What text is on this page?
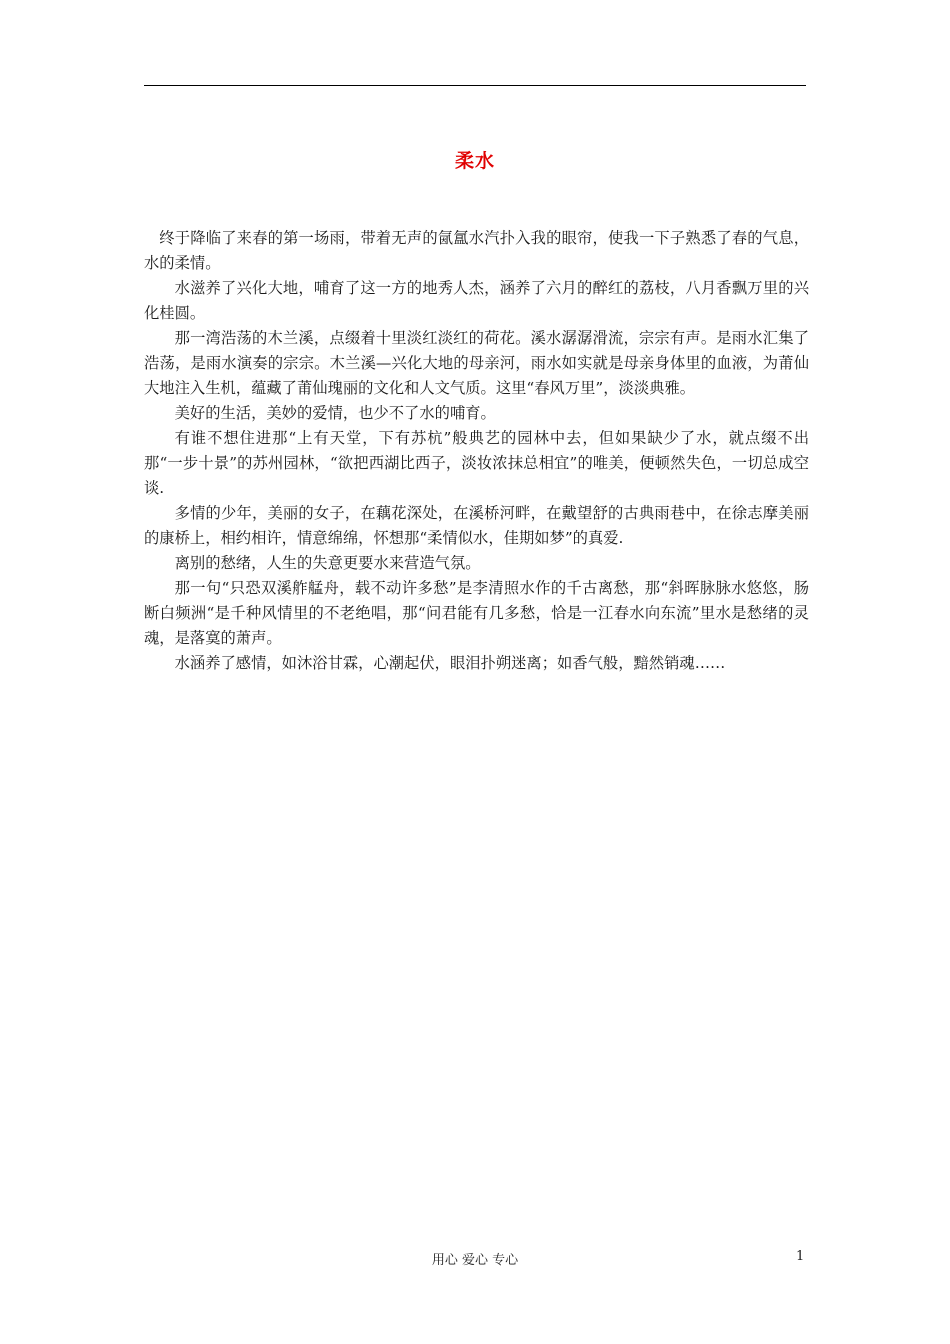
柔水

终于降临了来春的第一场雨，带着无声的氤氲水汽扑入我的眼帘，使我一下子熟悉了春的气息，水的柔情。

水滋养了兴化大地，哺育了这一方的地秀人杰，涵养了六月的醉红的荔枝，八月香飘万里的兴化桂圆。

那一湾浩荡的木兰溪，点缀着十里淡红淡红的荷花。溪水潺潺滑流，宗宗有声。是雨水汇集了浩荡，是雨水演奏的宗宗。木兰溪—兴化大地的母亲河，雨水如实就是母亲身体里的血液，为莆仙大地注入生机，蕴藏了莆仙瑰丽的文化和人文气质。这里“春风万里”，淡淡典雅。

美好的生活，美妙的爱情，也少不了水的哺育。

有谁不想住进那“上有天堂，下有苏杭”般典艺的园林中去，但如果缺少了水，就点缀不出那“一步十景”的苏州园林，“欲把西湖比西子，淡妆浓抹总相宜”的唯美，便顿然失色，一切总成空谈.

多情的少年，美丽的女子，在藕花深处，在溪桥河畔，在戴望舒的古典雨巷中，在徐志摩美丽的康桥上，相约相许，情意绵绵，怀想那“柔情似水，佳期如梦”的真爱.

离别的愁绪，人生的失意更要水来营造气氛。

那一句“只恐双溪舴艋舟，载不动许多愁”是李清照水作的千古离愁，那“斜晖脉脉水悠悠，肠断白频洲“是千种风情里的不老绝唱，那“问君能有几多愁，恰是一江春水向东流”里水是愁绪的灵魂，是落寞的萧声。

水涵养了感情，如沐浴甘霖，心潮起伏，眼泪扑朔迷离；如香气般，黯然销魂……

用心 爱心 专心	1
